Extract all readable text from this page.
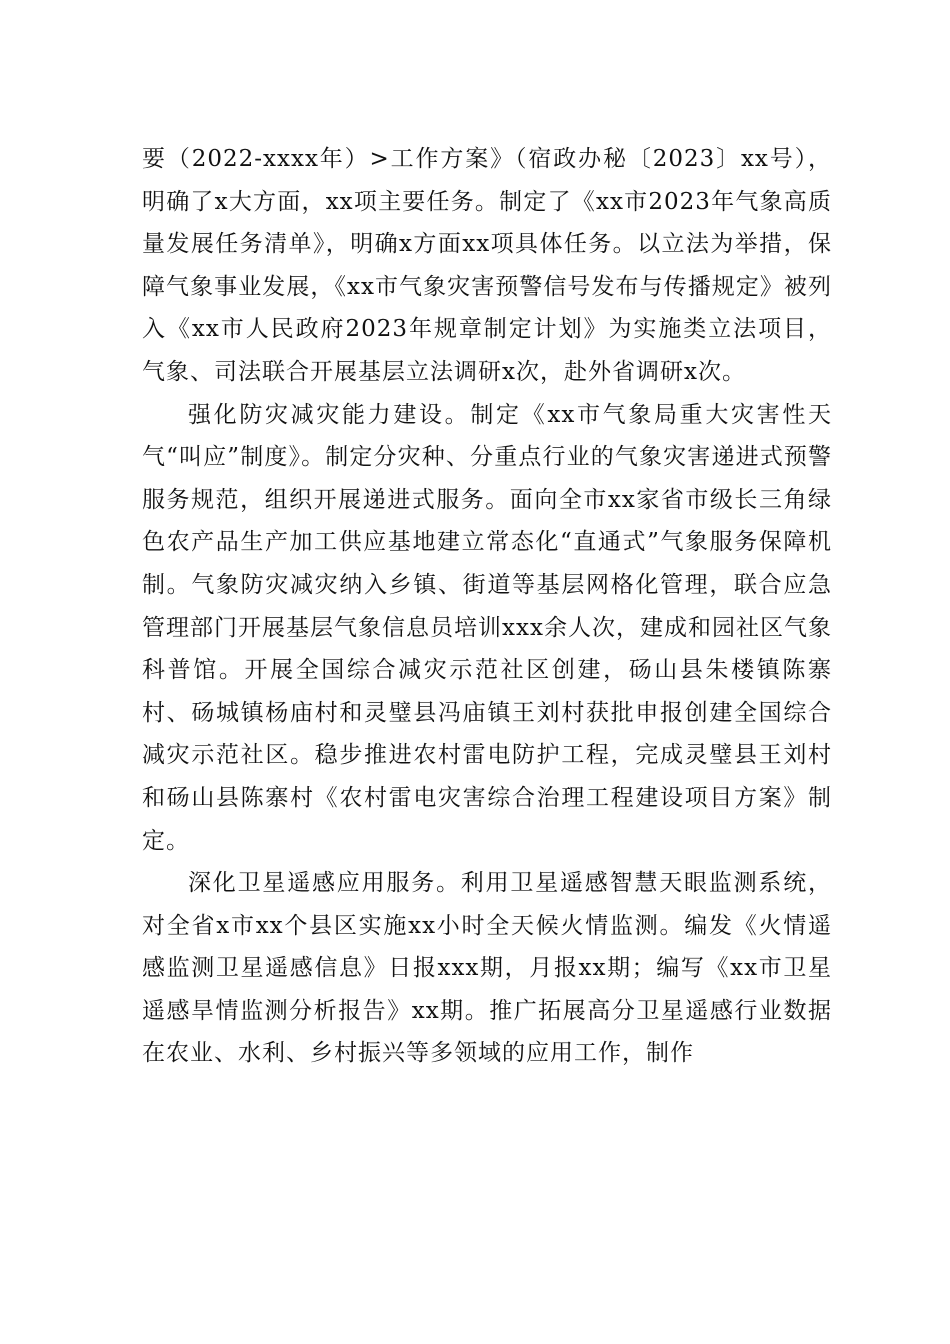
要（2022-xxxx年）>工作方案》（宿政办秘〔2023〕xx号），明确了x大方面，xx项主要任务。制定了《xx市2023年气象高质量发展任务清单》，明确x方面xx项具体任务。以立法为举措，保障气象事业发展，《xx市气象灾害预警信号发布与传播规定》被列入《xx市人民政府2023年规章制定计划》为实施类立法项目，气象、司法联合开展基层立法调研x次，赴外省调研x次。

强化防灾减灾能力建设。制定《xx市气象局重大灾害性天气“叫应”制度》。制定分灾种、分重点行业的气象灾害递进式预警服务规范，组织开展递进式服务。面向全市xx家省市级长三角绿色农产品生产加工供应基地建立常态化“直通式”气象服务保障机制。气象防灾减灾纳入乡镇、街道等基层网格化管理，联合应急管理部门开展基层气象信息员培训xxx余人次，建成和园社区气象科普馆。开展全国综合减灾示范社区创建，砀山县朱楼镇陈寨村、砀城镇杨庙村和灵璧县冯庙镇王刘村获批申报创建全国综合减灾示范社区。稳步推进农村雷电防护工程，完成灵璧县王刘村和砀山县陈寨村《农村雷电灾害综合治理工程建设项目方案》制定。

深化卫星遥感应用服务。利用卫星遥感智慧天眼监测系统，对全省x市xx个县区实施xx小时全天候火情监测。编发《火情遥感监测卫星遥感信息》日报xxx期，月报xx期；编写《xx市卫星遥感旱情监测分析报告》xx期。推广拓展高分卫星遥感行业数据在农业、水利、乡村振兴等多领域的应用工作，制作
